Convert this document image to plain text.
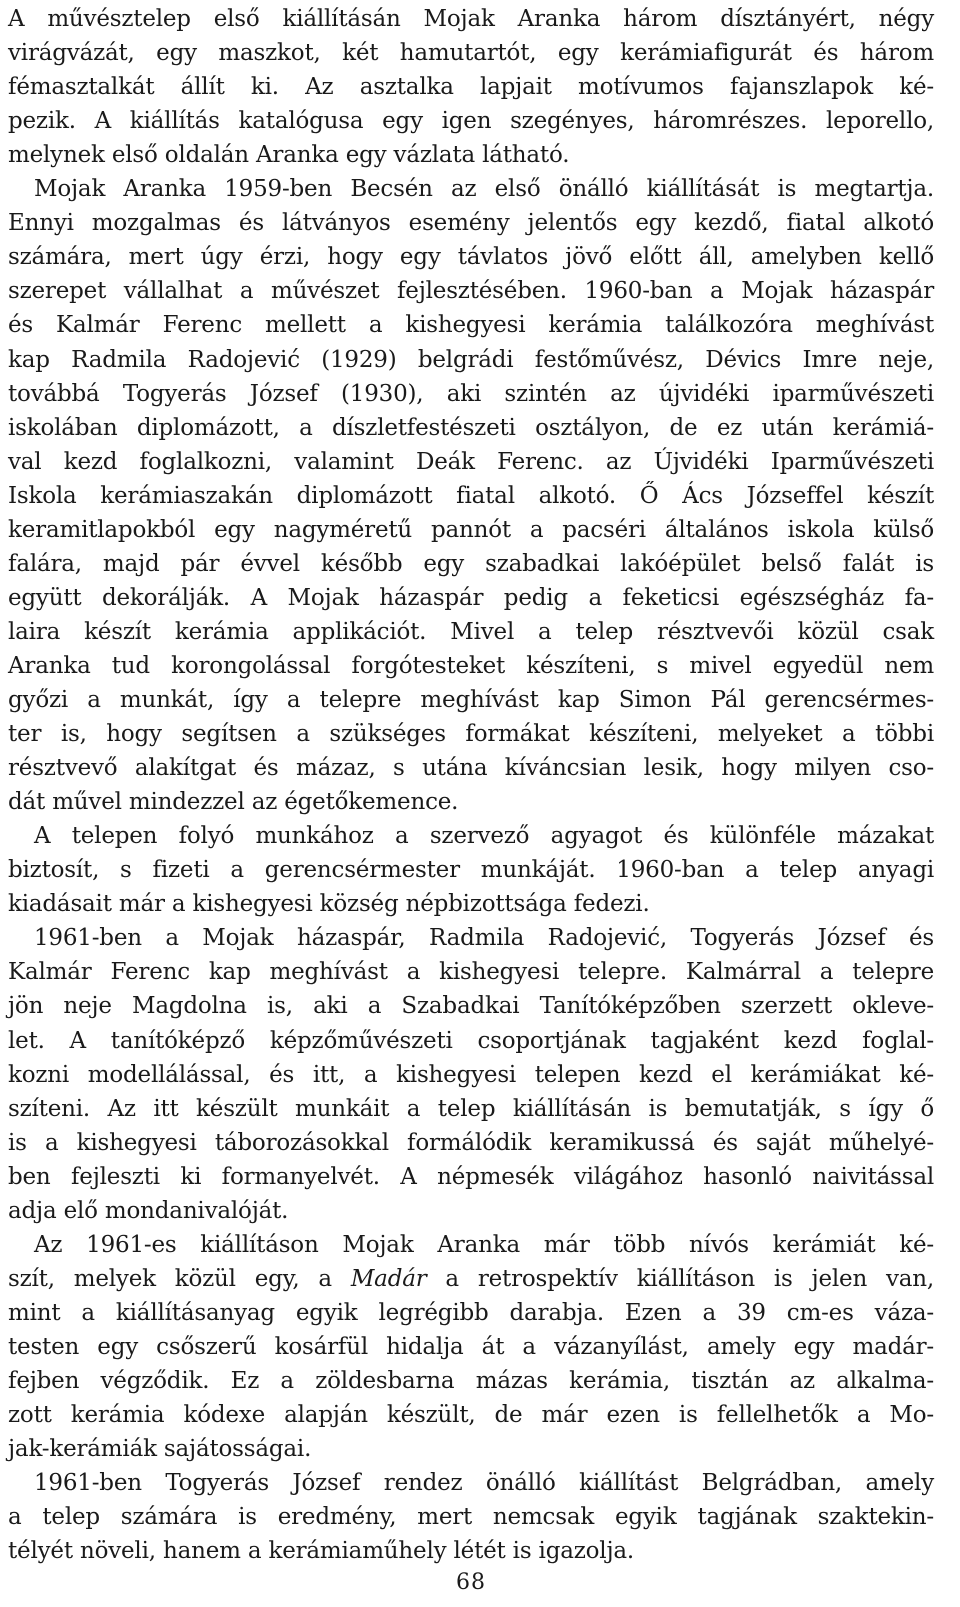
A művésztelep első kiállításán Mojak Aranka három dísztányért, négy
virágvázát, egy maszkot, két hamutartót, egy kerámiafigurát és három
fémasztalkát állít ki. Az asztalka lapjait motívumos fajanszlapok ké-
pezik. A kiállítás katalógusa egy igen szegényes, háromrészes. leporello,
melynek első oldalán Aranka egy vázlata látható.
Mojak Aranka 1959-ben Becsén az első önálló kiállítását is megtartja.
Ennyi mozgalmas és látványos esemény jelentős egy kezdő, fiatal alkotó
számára, mert úgy érzi, hogy egy távlatos jövő előtt áll, amelyben kellő
szerepet vállalhat a művészet fejlesztésében. 1960-ban a Mojak házaspár
és Kalmár Ferenc mellett a kishegyesi kerámia találkozóra meghívást
kap Radmila Radojević (1929) belgrádi festőművész, Dévics Imre neje,
továbbá Togyerás József (1930), aki szintén az újvidéki iparművészeti
iskolában diplomázott, a díszletfestészeti osztályon, de ez után kerámiá-
val kezd foglalkozni, valamint Deák Ferenc. az Újvidéki Iparművészeti
Iskola kerámiaszakán diplomázott fiatal alkotó. Ő Ács Józseffel készít
keramitlapokból egy nagyméretű pannót a pacséri általános iskola külső
falára, majd pár évvel később egy szabadkai lakóépület belső falát is
együtt dekorálják. A Mojak házaspár pedig a feketicsi egészségház fa-
laira készít kerámia applikációt. Mivel a telep résztvevői közül csak
Aranka tud korongolással forgótesteket készíteni, s mivel egyedül nem
győzi a munkát, így a telepre meghívást kap Simon Pál gerencsérmes-
ter is, hogy segítsen a szükséges formákat készíteni, melyeket a többi
résztvevő alakítgat és mázaz, s utána kíváncsian lesik, hogy milyen cso-
dát művel mindezzel az égetőkemence.
A telepen folyó munkához a szervező agyagot és különféle mázakat
biztosít, s fizeti a gerencsérmester munkáját. 1960-ban a telep anyagi
kiadásait már a kishegyesi község népbizottsága fedezi.
1961-ben a Mojak házaspár, Radmila Radojević, Togyerás József és
Kalmár Ferenc kap meghívást a kishegyesi telepre. Kalmárral a telepre
jön neje Magdolna is, aki a Szabadkai Tanítóképzőben szerzett okleve-
let. A tanítóképző képzőművészeti csoportjának tagjaként kezd foglal-
kozni modellálással, és itt, a kishegyesi telepen kezd el kerámiákat ké-
szíteni. Az itt készült munkáit a telep kiállításán is bemutatják, s így ő
is a kishegyesi táborozásokkal formálódik keramikussá és saját műhelyé-
ben fejleszti ki formanyelvét. A népmesék világához hasonló naivitással
adja elő mondanivalóját.
Az 1961-es kiállításon Mojak Aranka már több nívós kerámiát ké-
szít, melyek közül egy, a Madár a retrospektív kiállításon is jelen van,
mint a kiállításanyag egyik legrégibb darabja. Ezen a 39 cm-es váza-
testen egy csőszerű kosárfül hidalja át a vázanyílást, amely egy madár-
fejben végződik. Ez a zöldesbarna mázas kerámia, tisztán az alkalma-
zott kerámia kódexe alapján készült, de már ezen is fellelhetők a Mo-
jak-kerámiák sajátosságai.
1961-ben Togyerás József rendez önálló kiállítást Belgrádban, amely
a telep számára is eredmény, mert nemcsak egyik tagjának szaktekin-
télyét növeli, hanem a kerámiaműhely létét is igazolja.
68
